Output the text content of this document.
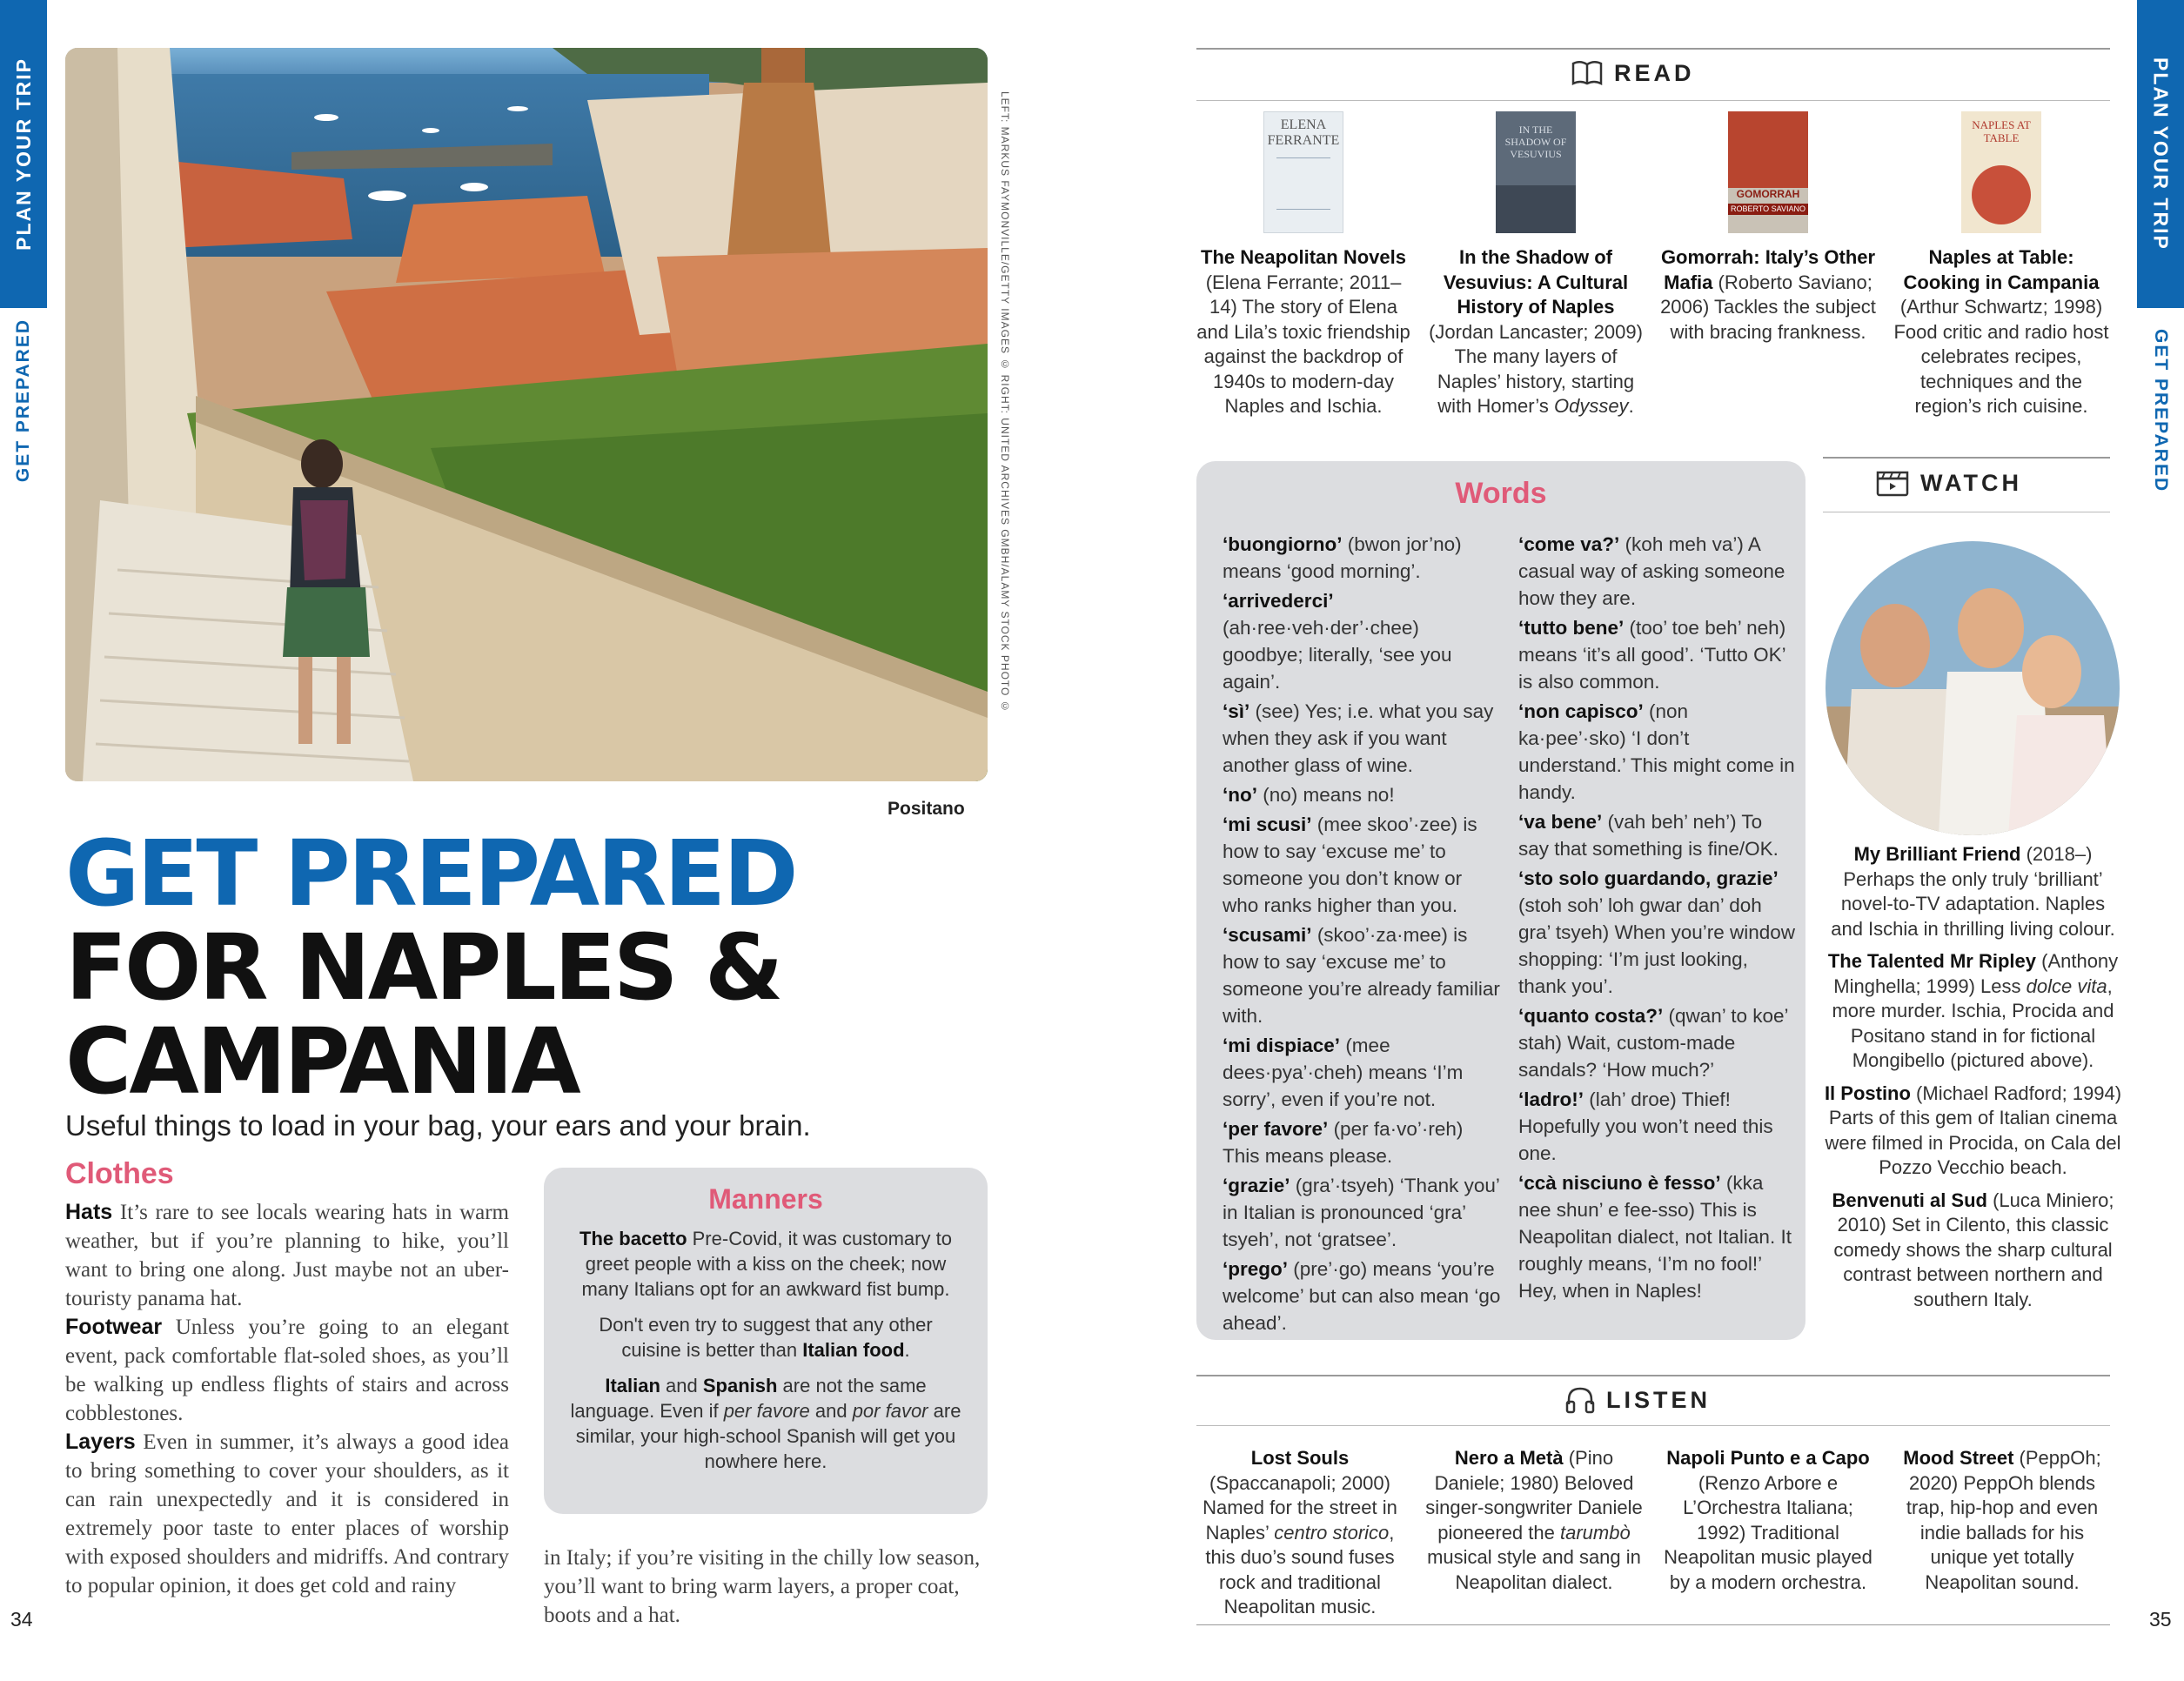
PLAN YOUR TRIP
GET PREPARED
PLAN YOUR TRIP
GET PREPARED
LEFT: MARKUS FAYMONVILLE/GETTY IMAGES © RIGHT: UNITED ARCHIVES GMBH/ALAMY STOCK PHOTO ©
Positano
GET PREPARED
FOR NAPLES &
CAMPANIA
Useful things to load in your bag, your ears and your brain.
Clothes
Hats It’s rare to see locals wearing hats in warm weather, but if you’re planning to hike, you’ll want to bring one along. Just maybe not an uber-touristy panama hat.
Footwear Unless you’re going to an elegant event, pack comfortable flat-soled shoes, as you’ll be walking up endless flights of stairs and across cobblestones.
Layers Even in summer, it’s always a good idea to bring something to cover your shoulders, as it can rain unexpectedly and it is considered in extremely poor taste to enter places of worship with exposed shoulders and midriffs. And contrary to popular opinion, it does get cold and rainy
in Italy; if you’re visiting in the chilly low season, you’ll want to bring warm layers, a proper coat, boots and a hat.
Manners

The bacetto Pre-Covid, it was customary to greet people with a kiss on the cheek; now many Italians opt for an awkward fist bump.

Don't even try to suggest that any other cuisine is better than Italian food.

Italian and Spanish are not the same language. Even if per favore and por favor are similar, your high-school Spanish will get you nowhere here.

34	35
READ
ELENA FERRANTE
The Neapolitan Novels (Elena Ferrante; 2011–14) The story of Elena and Lila’s toxic friendship against the backdrop of 1940s to modern-day Naples and Ischia.
IN THE SHADOW OF VESUVIUS
In the Shadow of Vesuvius: A Cultural History of Naples (Jordan Lancaster; 2009) The many layers of Naples’ history, starting with Homer’s Odyssey.
GOMORRAH
ROBERTO SAVIANO
Gomorrah: Italy’s Other Mafia (Roberto Saviano; 2006) Tackles the subject with bracing frankness.
NAPLES AT TABLE
Naples at Table: Cooking in Campania (Arthur Schwartz; 1998) Food critic and radio host celebrates recipes, techniques and the region’s rich cuisine.
Words

‘buongiorno’ (bwon jor’no) means ‘good morning’.

‘arrivederci’ (ah·ree·veh·der’·chee) goodbye; literally, ‘see you again’.

‘sì’ (see) Yes; i.e. what you say when they ask if you want another glass of wine.

‘no’ (no) means no!

‘mi scusi’ (mee skoo’·zee) is how to say ‘excuse me’ to someone you don’t know or who ranks higher than you.

‘scusami’ (skoo’·za·mee) is how to say ‘excuse me’ to someone you’re already familiar with.

‘mi dispiace’ (mee dees·pya’·cheh) means ‘I’m sorry’, even if you’re not.

‘per favore’ (per fa·vo’·reh) This means please.

‘grazie’ (gra’·tsyeh) ‘Thank you’ in Italian is pronounced ‘gra’ tsyeh’, not ‘gratsee’.

‘prego’ (pre’·go) means ‘you’re welcome’ but can also mean ‘go ahead’.

‘come va?’ (koh meh va’) A casual way of asking someone how they are.

‘tutto bene’ (too’ toe beh’ neh) means ‘it’s all good’. ‘Tutto OK’ is also common.

‘non capisco’ (non ka·pee’·sko) ‘I don’t understand.’ This might come in handy.

‘va bene’ (vah beh’ neh’) To say that something is fine/OK.

‘sto solo guardando, grazie’ (stoh soh’ loh gwar dan’ doh gra’ tsyeh) When you’re window shopping: ‘I’m just looking, thank you’.

‘quanto costa?’ (qwan’ to koe’ stah) Wait, custom-made sandals? ‘How much?’

‘ladro!’ (lah’ droe) Thief! Hopefully you won’t need this one.

‘ccà nisciuno è fesso’ (kka nee shun’ e fee-sso) This is Neapolitan dialect, not Italian. It roughly means, ‘I’m no fool!’ Hey, when in Naples!

WATCH

My Brilliant Friend (2018–) Perhaps the only truly ‘brilliant’ novel-to-TV adaptation. Naples and Ischia in thrilling living colour.

The Talented Mr Ripley (Anthony Minghella; 1999) Less dolce vita, more murder. Ischia, Procida and Positano stand in for fictional Mongibello (pictured above).

Il Postino (Michael Radford; 1994) Parts of this gem of Italian cinema were filmed in Procida, on Cala del Pozzo Vecchio beach.

Benvenuti al Sud (Luca Miniero; 2010) Set in Cilento, this classic comedy shows the sharp cultural contrast between northern and southern Italy.

LISTEN
Lost Souls (Spaccanapoli; 2000) Named for the street in Naples’ centro storico, this duo’s sound fuses rock and traditional Neapolitan music.
Nero a Metà (Pino Daniele; 1980) Beloved singer-songwriter Daniele pioneered the tarumbò musical style and sang in Neapolitan dialect.
Napoli Punto e a Capo (Renzo Arbore e L’Orchestra Italiana; 1992) Traditional Neapolitan music played by a modern orchestra.
Mood Street (PeppOh; 2020) PeppOh blends trap, hip-hop and even indie ballads for his unique yet totally Neapolitan sound.
